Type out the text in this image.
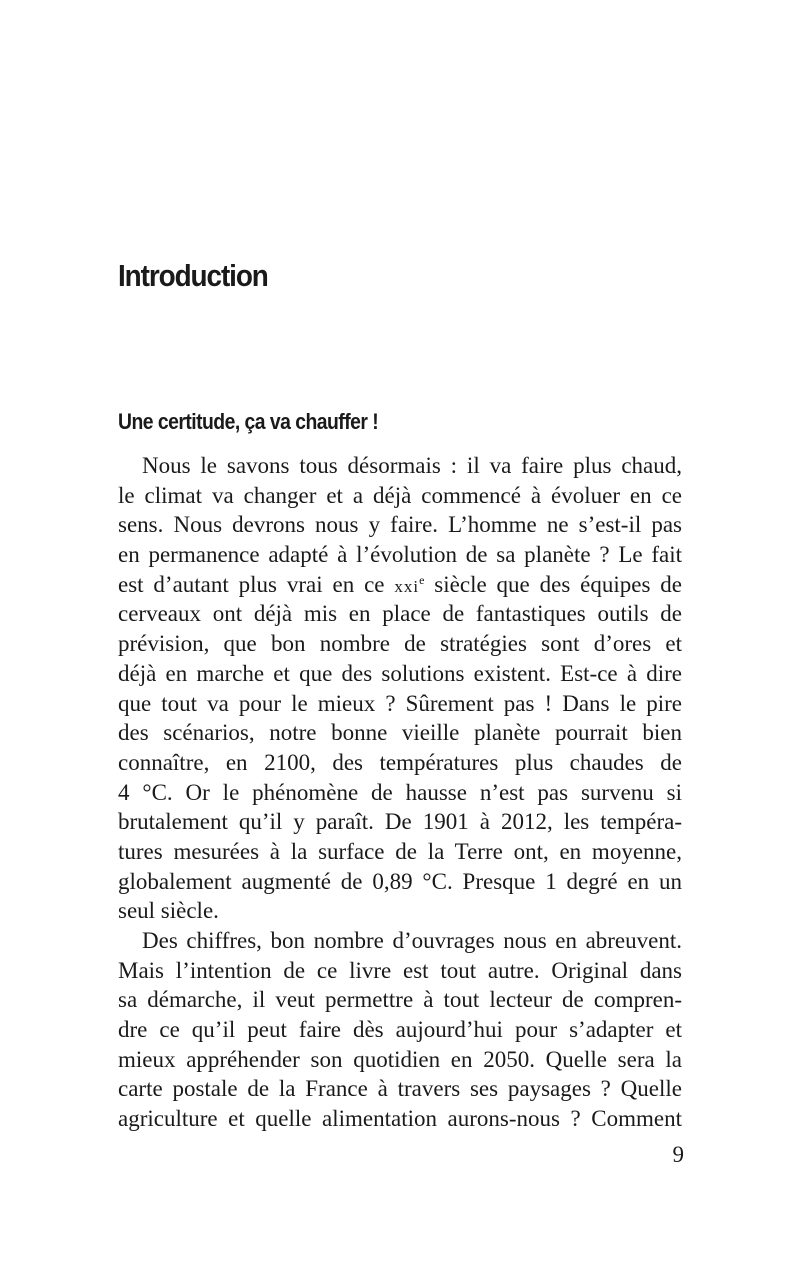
Introduction
Une certitude, ça va chauffer !

Nous le savons tous désormais : il va faire plus chaud,
le climat va changer et a déjà commencé à évoluer en ce
sens. Nous devrons nous y faire. L’homme ne s’est-il pas
en permanence adapté à l’évolution de sa planète ? Le fait
est d’autant plus vrai en ce xxi$^e$ siècle que des équipes de
cerveaux ont déjà mis en place de fantastiques outils de
prévision, que bon nombre de stratégies sont d’ores et
déjà en marche et que des solutions existent. Est-ce à dire
que tout va pour le mieux ? Sûrement pas ! Dans le pire
des scénarios, notre bonne vieille planète pourrait bien
connaître, en 2100, des températures plus chaudes de
4 °C. Or le phénomène de hausse n’est pas survenu si
brutalement qu’il y paraît. De 1901 à 2012, les tempéra-
tures mesurées à la surface de la Terre ont, en moyenne,
globalement augmenté de 0,89 °C. Presque 1 degré en un
seul siècle.

Des chiffres, bon nombre d’ouvrages nous en abreuvent.
Mais l’intention de ce livre est tout autre. Original dans
sa démarche, il veut permettre à tout lecteur de compren-
dre ce qu’il peut faire dès aujourd’hui pour s’adapter et
mieux appréhender son quotidien en 2050. Quelle sera la
carte postale de la France à travers ses paysages ? Quelle
agriculture et quelle alimentation aurons-nous ? Comment

9
